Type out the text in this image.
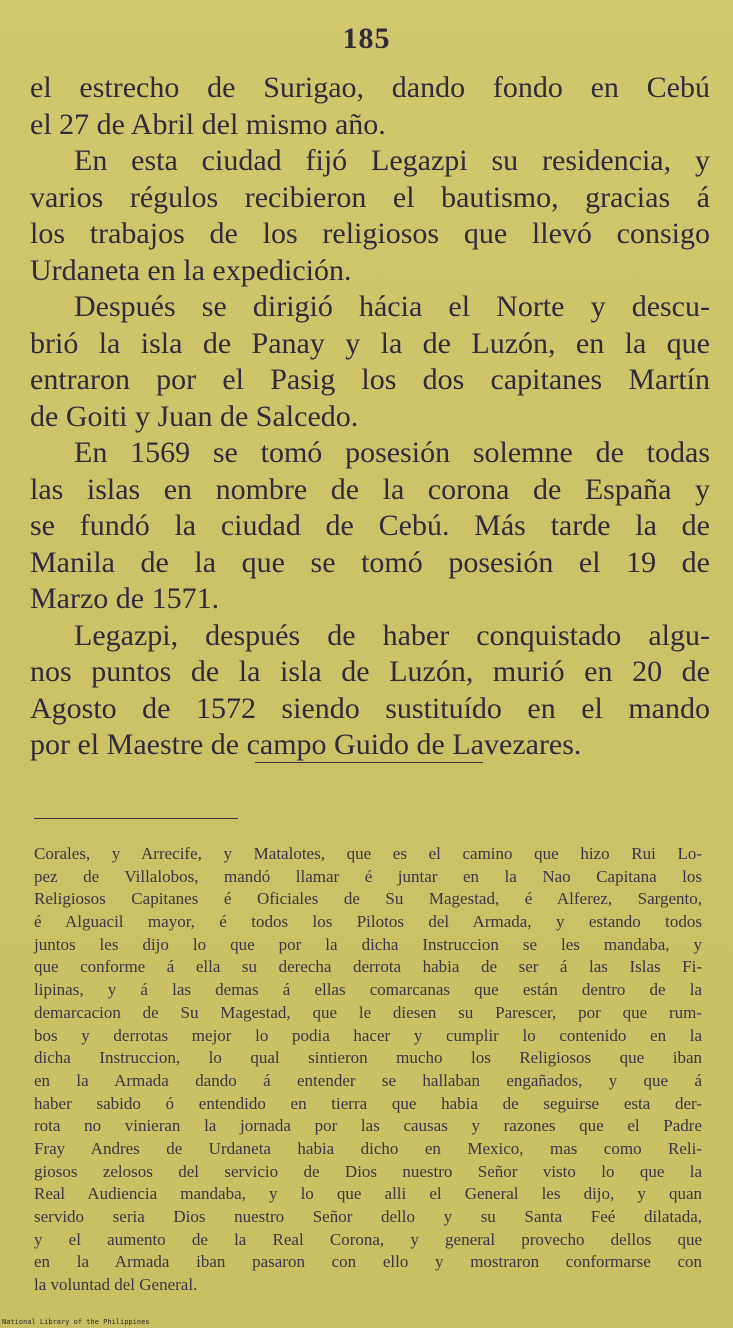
185
el estrecho de Surigao, dando fondo en Cebú
el 27 de Abril del mismo año.
En esta ciudad fijó Legazpi su residencia, y
varios régulos recibieron el bautismo, gracias á
los trabajos de los religiosos que llevó consigo
Urdaneta en la expedición.
Después se dirigió hácia el Norte y descu-
brió la isla de Panay y la de Luzón, en la que
entraron por el Pasig los dos capitanes Martín
de Goiti y Juan de Salcedo.
En 1569 se tomó posesión solemne de todas
las islas en nombre de la corona de España y
se fundó la ciudad de Cebú. Más tarde la de
Manila de la que se tomó posesión el 19 de
Marzo de 1571.
Legazpi, después de haber conquistado algu-
nos puntos de la isla de Luzón, murió en 20 de
Agosto de 1572 siendo sustituído en el mando
por el Maestre de campo Guido de Lavezares.
Corales, y Arrecife, y Matalotes, que es el camino que hizo Rui Lo-
pez de Villalobos, mandó llamar é juntar en la Nao Capitana los
Religiosos Capitanes é Oficiales de Su Magestad, é Alferez, Sargento,
é Alguacil mayor, é todos los Pilotos del Armada, y estando todos
juntos les dijo lo que por la dicha Instruccion se les mandaba, y
que conforme á ella su derecha derrota habia de ser á las Islas Fi-
lipinas, y á las demas á ellas comarcanas que están dentro de la
demarcacion de Su Magestad, que le diesen su Parescer, por que rum-
bos y derrotas mejor lo podia hacer y cumplir lo contenido en la
dicha Instruccion, lo qual sintieron mucho los Religiosos que iban
en la Armada dando á entender se hallaban engañados, y que á
haber sabido ó entendido en tierra que habia de seguirse esta der-
rota no vinieran la jornada por las causas y razones que el Padre
Fray Andres de Urdaneta habia dicho en Mexico, mas como Reli-
giosos zelosos del servicio de Dios nuestro Señor visto lo que la
Real Audiencia mandaba, y lo que alli el General les dijo, y quan
servido seria Dios nuestro Señor dello y su Santa Feé dilatada,
y el aumento de la Real Corona, y general provecho dellos que
en la Armada iban pasaron con ello y mostraron conformarse con
la voluntad del General.
National Library of the Philippines
